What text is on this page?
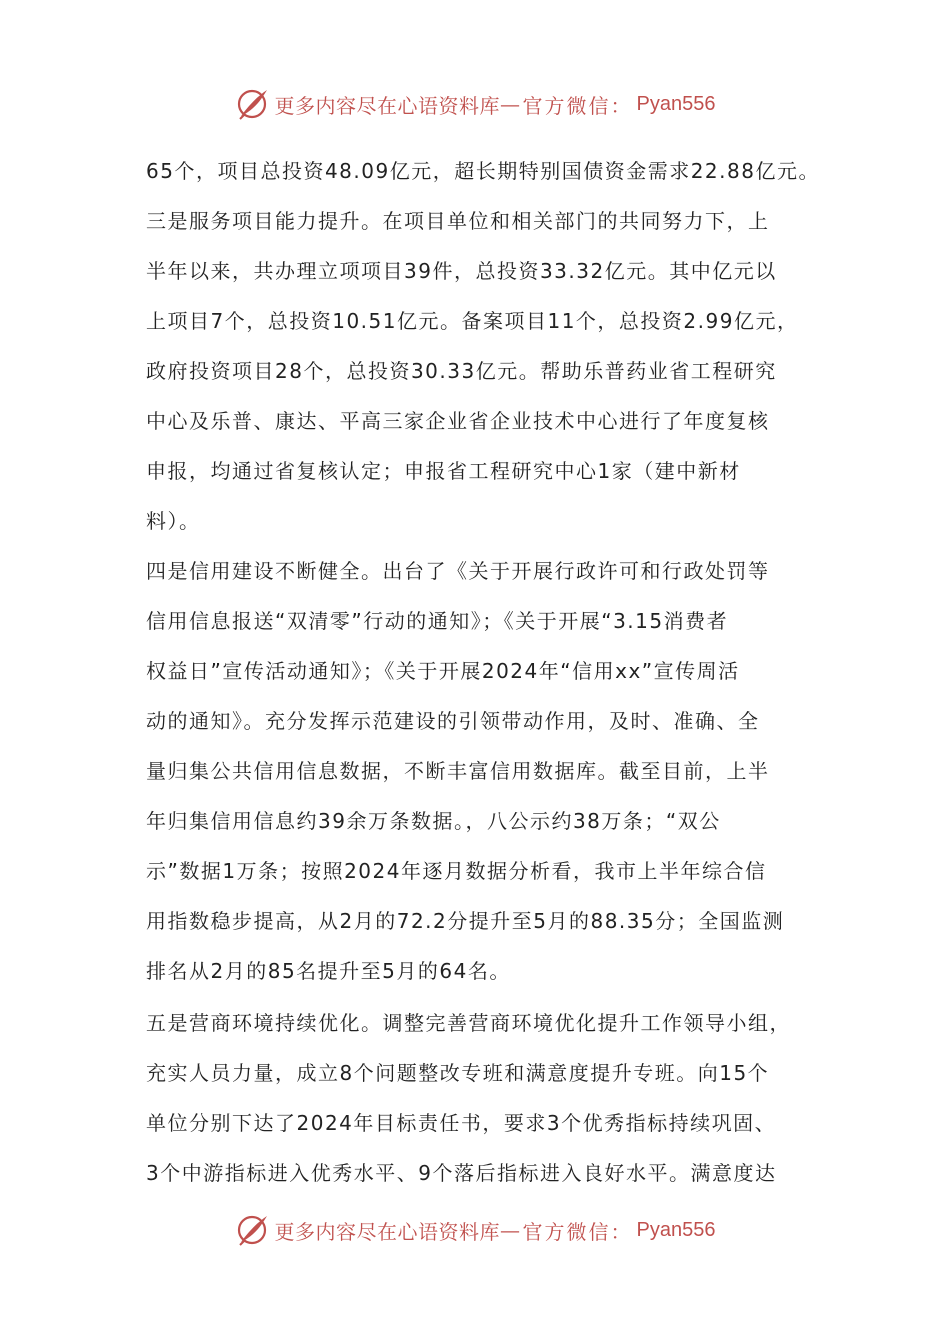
更多内容尽在心语资料库 — 官方微信： Pyan556
65个，项目总投资48.09亿元，超长期特别国债资金需求22.88亿元。
三是服务项目能力提升。在项目单位和相关部门的共同努力下，上
半年以来，共办理立项项目39件，总投资33.32亿元。其中亿元以
上项目7个，总投资10.51亿元。备案项目11个，总投资2.99亿元，
政府投资项目28个，总投资30.33亿元。帮助乐普药业省工程研究
中心及乐普、康达、平高三家企业省企业技术中心进行了年度复核
申报，均通过省复核认定；申报省工程研究中心1家（建中新材
料）。
四是信用建设不断健全。出台了《关于开展行政许可和行政处罚等
信用信息报送“双清零”行动的通知》；《关于开展“3.15消费者
权益日”宣传活动通知》；《关于开展2024年“信用xx”宣传周活
动的通知》。充分发挥示范建设的引领带动作用，及时、准确、全
量归集公共信用信息数据，不断丰富信用数据库。截至目前，上半
年归集信用信息约39余万条数据。，八公示约38万条；“双公
示”数据1万条；按照2024年逐月数据分析看，我市上半年综合信
用指数稳步提高，从2月的72.2分提升至5月的88.35分；全国监测
排名从2月的85名提升至5月的64名。
五是营商环境持续优化。调整完善营商环境优化提升工作领导小组，
充实人员力量，成立8个问题整改专班和满意度提升专班。向15个
单位分别下达了2024年目标责任书，要求3个优秀指标持续巩固、
3个中游指标进入优秀水平、9个落后指标进入良好水平。满意度达
更多内容尽在心语资料库 — 官方微信： Pyan556
